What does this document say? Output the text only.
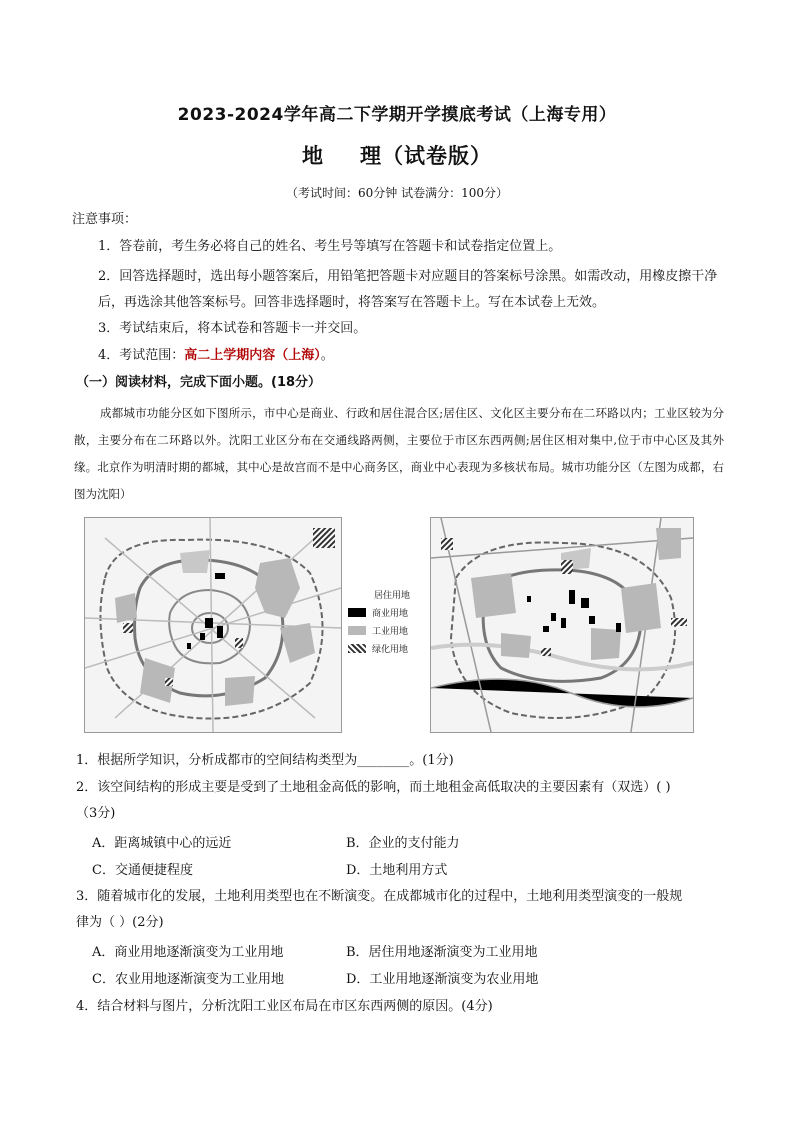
2023-2024学年高二下学期开学摸底考试（上海专用）
地 理（试卷版）
（考试时间：60分钟 试卷满分：100分）
注意事项：
1．答卷前，考生务必将自己的姓名、考生号等填写在答题卡和试卷指定位置上。
2．回答选择题时，选出每小题答案后，用铅笔把答题卡对应题目的答案标号涂黑。如需改动，用橡皮擦干净后，再选涂其他答案标号。回答非选择题时，将答案写在答题卡上。写在本试卷上无效。
3．考试结束后，将本试卷和答题卡一并交回。
4．考试范围：高二上学期内容（上海）。
（一）阅读材料，完成下面小题。(18分）
成都城市功能分区如下图所示，市中心是商业、行政和居住混合区;居住区、文化区主要分布在二环路以内；工业区较为分散，主要分布在二环路以外。沈阳工业区分布在交通线路两侧，主要位于市区东西两侧;居住区相对集中,位于市中心区及其外缘。北京作为明清时期的都城，其中心是故宫而不是中心商务区，商业中心表现为多核状布局。城市功能分区（左图为成都，右图为沈阳）
居住用地
商业用地
工业用地
绿化用地
1．根据所学知识，分析成都市的空间结构类型为________。(1分)
2．该空间结构的形成主要是受到了土地租金高低的影响，而土地租金高低取决的主要因素有（双选）( )
（3分)
A．距离城镇中心的远近	B．企业的支付能力
C．交通便捷程度	D．土地利用方式
3．随着城市化的发展，土地利用类型也在不断演变。在成都城市化的过程中，土地利用类型演变的一般规
律为（ ）(2分)
A．商业用地逐渐演变为工业用地	B．居住用地逐渐演变为工业用地
C．农业用地逐渐演变为工业用地	D．工业用地逐渐演变为农业用地
4．结合材料与图片，分析沈阳工业区布局在市区东西两侧的原因。(4分)
